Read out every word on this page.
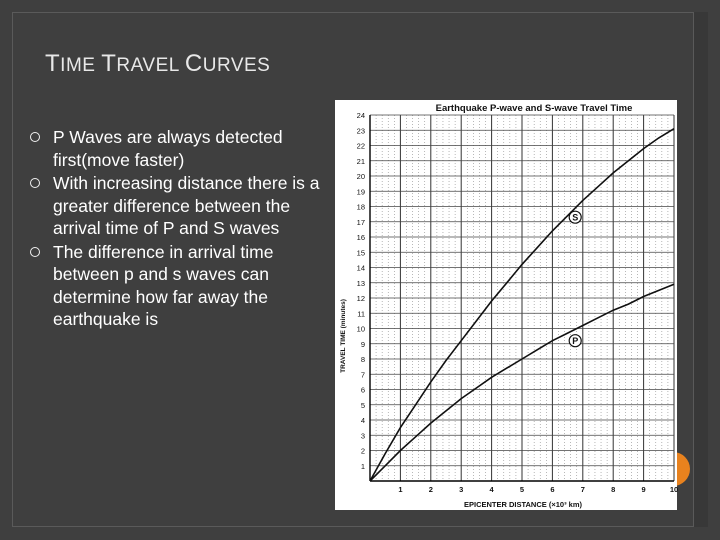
TIME TRAVEL CURVES
P Waves are always detected first(move faster)
With increasing distance there is a greater difference between the arrival time of P and S waves
The difference in arrival time between p and s waves can determine how far away the earthquake is
Earthquake P-wave and S-wave Travel Time
EPICENTER DISTANCE (×10³ km)
TRAVEL TIME (minutes)
1
2
3
4
5
6
7
8
9
10
11
12
13
14
15
16
17
18
19
20
21
22
23
24
1	2	3	4	5	6	7	8	9	10
S
P
